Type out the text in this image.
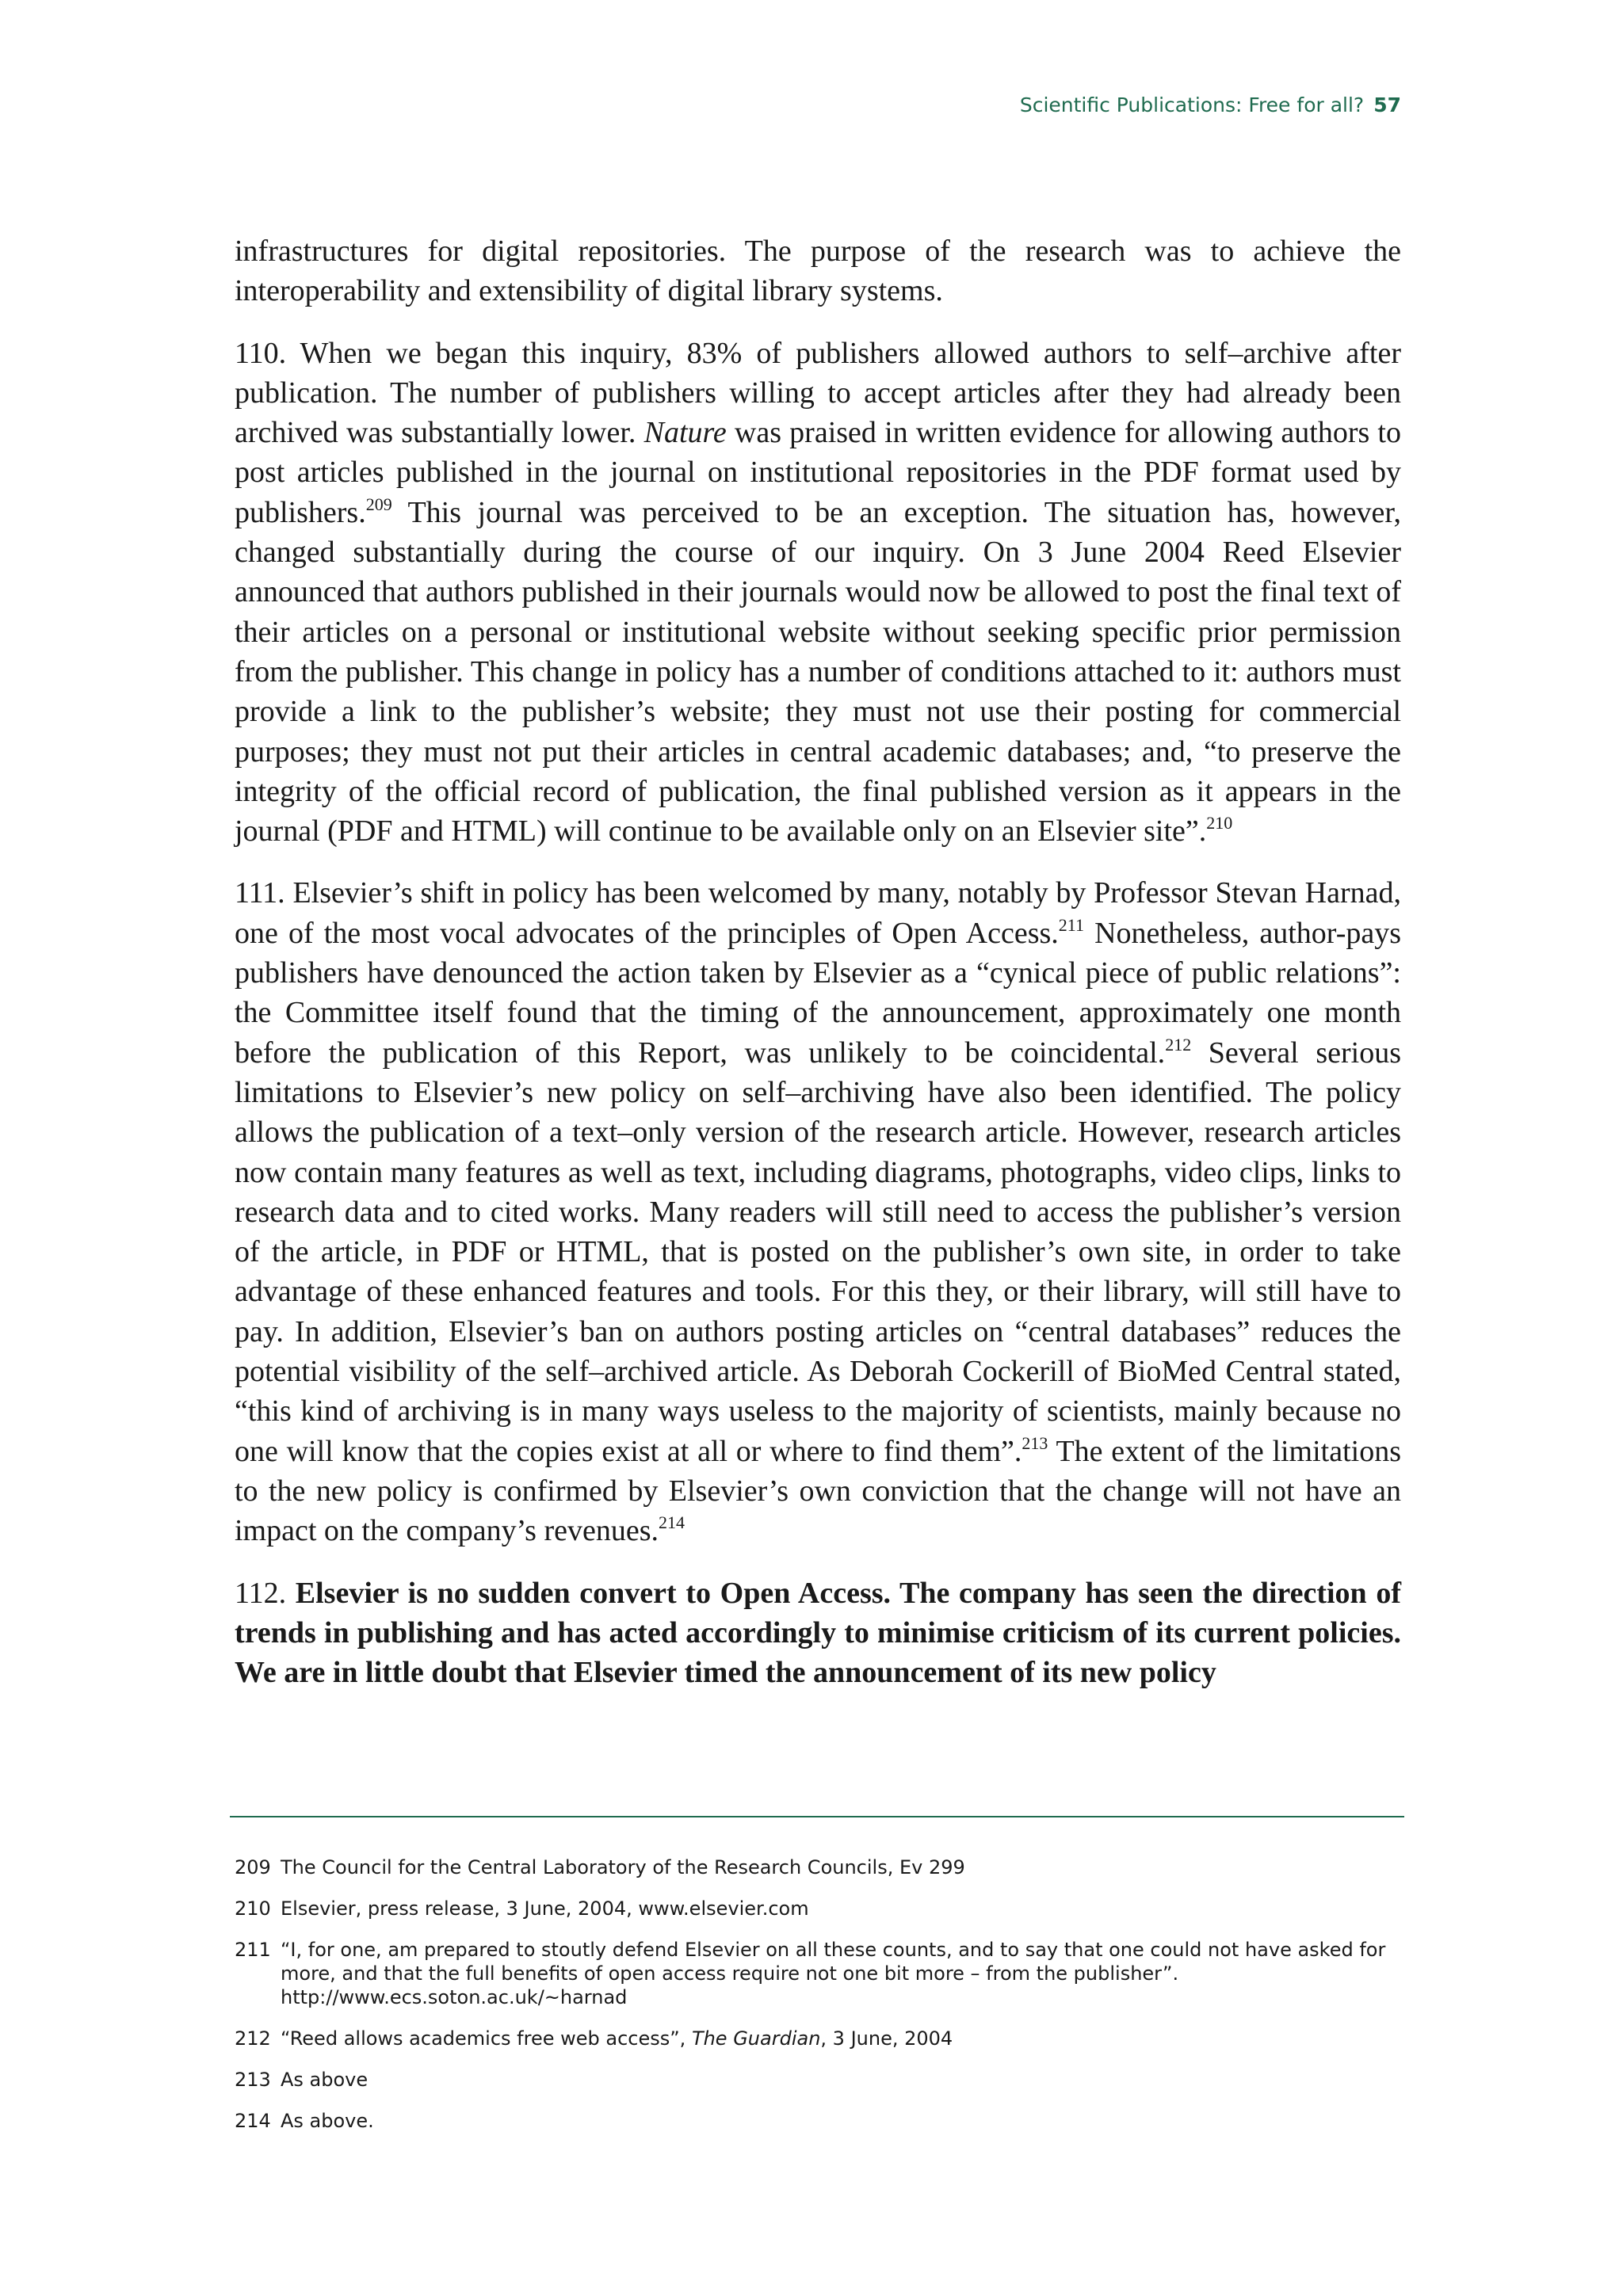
Scientific Publications: Free for all? 57

infrastructures for digital repositories. The purpose of the research was to achieve the interoperability and extensibility of digital library systems.

110. When we began this inquiry, 83% of publishers allowed authors to self–archive after publication. The number of publishers willing to accept articles after they had already been archived was substantially lower. Nature was praised in written evidence for allowing authors to post articles published in the journal on institutional repositories in the PDF format used by publishers.$^{209}$ This journal was perceived to be an exception. The situation has, however, changed substantially during the course of our inquiry. On 3 June 2004 Reed Elsevier announced that authors published in their journals would now be allowed to post the final text of their articles on a personal or institutional website without seeking specific prior permission from the publisher. This change in policy has a number of conditions attached to it: authors must provide a link to the publisher’s website; they must not use their posting for commercial purposes; they must not put their articles in central academic databases; and, “to preserve the integrity of the official record of publication, the final published version as it appears in the journal (PDF and HTML) will continue to be available only on an Elsevier site”.$^{210}$

111. Elsevier’s shift in policy has been welcomed by many, notably by Professor Stevan Harnad, one of the most vocal advocates of the principles of Open Access.$^{211}$ Nonetheless, author-pays publishers have denounced the action taken by Elsevier as a “cynical piece of public relations”: the Committee itself found that the timing of the announcement, approximately one month before the publication of this Report, was unlikely to be coincidental.$^{212}$ Several serious limitations to Elsevier’s new policy on self–archiving have also been identified. The policy allows the publication of a text–only version of the research article. However, research articles now contain many features as well as text, including diagrams, photographs, video clips, links to research data and to cited works. Many readers will still need to access the publisher’s version of the article, in PDF or HTML, that is posted on the publisher’s own site, in order to take advantage of these enhanced features and tools. For this they, or their library, will still have to pay. In addition, Elsevier’s ban on authors posting articles on “central databases” reduces the potential visibility of the self–archived article. As Deborah Cockerill of BioMed Central stated, “this kind of archiving is in many ways useless to the majority of scientists, mainly because no one will know that the copies exist at all or where to find them”.$^{213}$ The extent of the limitations to the new policy is confirmed by Elsevier’s own conviction that the change will not have an impact on the company’s revenues.$^{214}$

112. Elsevier is no sudden convert to Open Access. The company has seen the direction of trends in publishing and has acted accordingly to minimise criticism of its current policies. We are in little doubt that Elsevier timed the announcement of its new policy

209 The Council for the Central Laboratory of the Research Councils, Ev 299
210 Elsevier, press release, 3 June, 2004, www.elsevier.com
211 “I, for one, am prepared to stoutly defend Elsevier on all these counts, and to say that one could not have asked for more, and that the full benefits of open access require not one bit more – from the publisher”. http://www.ecs.soton.ac.uk/~harnad
212 “Reed allows academics free web access”, The Guardian, 3 June, 2004
213 As above
214 As above.
